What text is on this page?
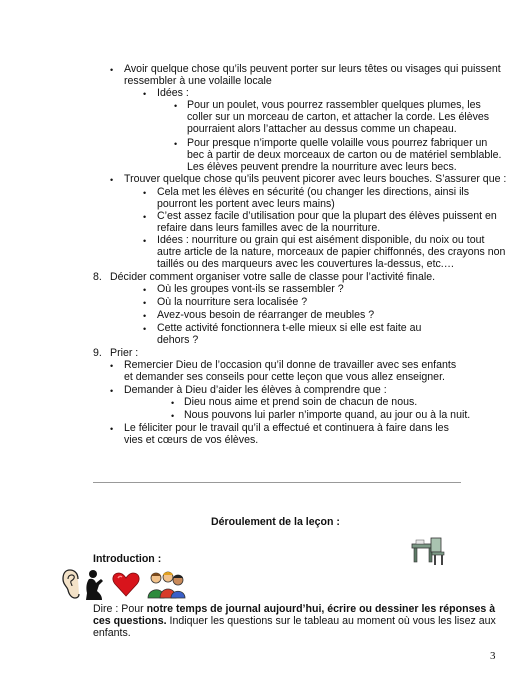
• Avoir quelque chose qu’ils peuvent porter sur leurs têtes ou visages qui puissent
ressembler à une volaille locale
• Idées :
• Pour un poulet, vous pourrez rassembler quelques plumes, les
coller sur un morceau de carton, et attacher la corde. Les élèves
pourraient alors l’attacher au dessus comme un chapeau.
• Pour presque n’importe quelle volaille vous pourrez fabriquer un
bec à partir de deux morceaux de carton ou de matériel semblable.
Les élèves peuvent prendre la nourriture avec leurs becs.
• Trouver quelque chose qu’ils peuvent picorer avec leurs bouches. S’assurer que :
• Cela met les élèves en sécurité (ou changer les directions, ainsi ils
pourront les portent avec leurs mains)
• C’est assez facile d’utilisation pour que la plupart des élèves puissent en
refaire dans leurs familles avec de la nourriture.
• Idées : nourriture ou grain qui est aisément disponible, du noix ou tout
autre article de la nature, morceaux de papier chiffonnés, des crayons non
taillés ou des marqueurs avec les couvertures la-dessus, etc.…
8. Décider comment organiser votre salle de classe pour l’activité finale.
• Où les groupes vont-ils se rassembler ?
• Où la nourriture sera localisée ?
• Avez-vous besoin de réarranger de meubles ?
• Cette activité fonctionnera t-elle mieux si elle est faite au
dehors ?
9. Prier :
• Remercier Dieu de l’occasion qu’il donne de travailler avec ses enfants
et demander ses conseils pour cette leçon que vous allez enseigner.
• Demander à Dieu d’aider les élèves à comprendre que :
• Dieu nous aime et prend soin de chacun de nous.
• Nous pouvons lui parler n’importe quand, au jour ou à la nuit.
• Le féliciter pour le travail qu’il a effectué et continuera à faire dans les
vies et cœurs de vos élèves.
Déroulement de la leçon :
Introduction :
Dire : Pour notre temps de journal aujourd’hui, écrire ou dessiner les réponses à
ces questions. Indiquer les questions sur le tableau au moment où vous les lisez aux
enfants.
3
